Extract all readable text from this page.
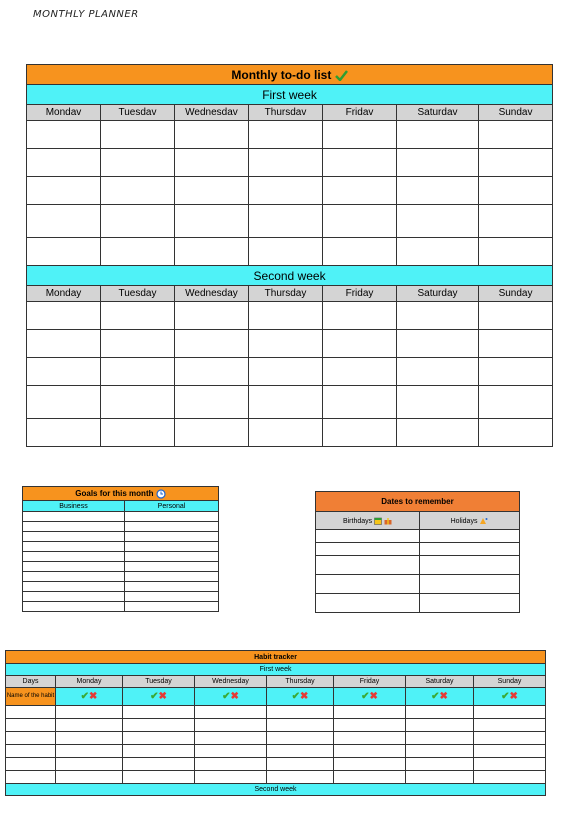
MONTHLY PLANNER
Monthly to-do list						
First week						
Mondav	Tuesdav	Wednesdav	Thursdav	Fridav	Saturdav	Sundav

Second week						
Monday	Tuesday	Wednesday	Thursday	Friday	Saturday	Sunday

Goals for this month	
Business	Personal

		Dates to remember	
Birthdays	Holidays

Habit tracker							
First week							
Days	Monday	Tuesday	Wednesday	Thursday	Friday	Saturday	Sunday
Name of the habit	✔✖	✔✖	✔✖	✔✖	✔✖	✔✖	✔✖

Second week							
